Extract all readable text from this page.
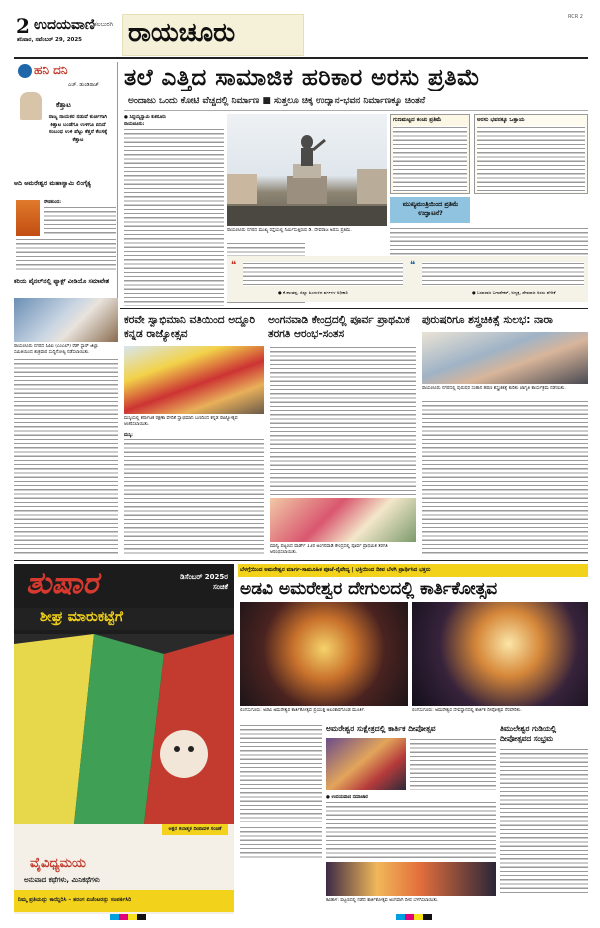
2 ಉದಯವಾಣಿ ಕಲಬುರಗಿ
ಶನಿವಾರ, ನವೆಂಬರ್ 29, 2025 ರಾಯಚೂರು
RCR 2
ಹನಿ ದನಿ
ಎಚ್. ಡುಂಡಿರಾಜ್
ಕೆತ್ತಾಟ
ರಾಜ್ಯ ನಾಯಕರ ನಡುವೆ ಕುರ್ಚಿಗಾಗಿ ಕಿತ್ತಾಟ ಬಂಡೆಗೂ ಉಳಿಗೂ ಏನಿದೆ ಸಂಬಂಧ ಉಳಿ ಪೆಟ್ಟು ಕೆತ್ತನೆ ಕೆಲಸಕ್ಕೆ ಕೆತ್ತಾಟ
ಆದಿ ಅಮರೇಶ್ವರ ಮಹಾಸ್ವಾಮಿ ಲಿಂಗೈಕ್ಯ
ರೌಡಕುಂದ:
ಕರಿಯ ಪೈನಲ್‌ನಲ್ಲಿ ಫ್ಯಾಕ್ಟ್ ವೀಡಿಯೊ ಸಮಾವೇಶ
ರಾಯಚೂರು ನಗರದ ಸಿಪಿಐ (ಎಂಎಲ್) ರೆಡ್ ಸ್ಟಾರ್ ಜಿಲ್ಲಾ ಸಮಿತಿಯಿಂದ ಶುಕ್ರವಾರ ಸುದ್ದಿಗೋಷ್ಠಿ ನಡೆಸಲಾಯಿತು.
ತಲೆ ಎತ್ತಿದ ಸಾಮಾಜಿಕ ಹರಿಕಾರ ಅರಸು ಪ್ರತಿಮೆ
ಅಂದಾಜು ಒಂದು ಕೋಟಿ ವೆಚ್ಚದಲ್ಲಿ ನಿರ್ಮಾಣ ■ ಸುತ್ತಲೂ ಚಿಕ್ಕ ಉದ್ಯಾನ-ಭವನ ನಿರ್ಮಾಣಕ್ಕೂ ಚಿಂತನೆ
● ಸಿದ್ದಯ್ಯಸ್ವಾಮಿ ಕುಕನೂರು
ರಾಯಚೂರು:
ರಾಯಚೂರು ನಗರದ ಮುಖ್ಯ ರಸ್ತೆಯಲ್ಲಿ ನಿರ್ಮಿಸುತ್ತಿರುವ ಡಿ. ದೇವರಾಜ ಅರಸು ಪ್ರತಿಮೆ.
ಗುಣಮಟ್ಟದ ಕಂಚು ಪ್ರತಿಮೆ
ಮುಖ್ಯಮಂತ್ರಿಯಿಂದ ಪ್ರತಿಮೆ ಉದ್ಘಾಟನೆ?
ಅರಸು ಭವನಕ್ಕೂ ಒತ್ತಾಯ
❝
● ಕೆ.ಶಾಂತಪ್ಪ, ಜಿಲ್ಲಾ ಹಿಂದುಳಿದ ವರ್ಗಗಳ ಅಧಿಕಾರಿ
❝
● ಬಸವರಾಜ ಬಗಾಡೇಕರ್, ಅಧ್ಯಕ್ಷ, ಡೇವರಾಜ ಅರಸು ವೇದಿಕೆ
ಕರವೇ ಸ್ವಾಭಿಮಾನಿ ವತಿಯಿಂದ ಅದ್ದೂರಿ ಕನ್ನಡ ರಾಜ್ಯೋತ್ಸವ
ಮಸ್ಕಿಯಲ್ಲಿ ಕರ್ನಾಟಕ ರಕ್ಷಣಾ ವೇದಿಕೆ ಸ್ವಾಭಿಮಾನಿ ಬಣದಿಂದ ಕನ್ನಡ ರಾಜ್ಯೋತ್ಸವ ಆಚರಿಸಲಾಯಿತು.
ಮಸ್ಕಿ:
ಅಂಗನವಾಡಿ ಕೇಂದ್ರದಲ್ಲಿ ಪೂರ್ವ ಪ್ರಾಥಮಿಕ ತರಗತಿ ಆರಂಭ-ಸಂತಸ
ಮಾನ್ವಿ ಪಟ್ಟಣದ ವಾರ್ಡ್ 13ರ ಅಂಗನವಾಡಿ ಕೇಂದ್ರದಲ್ಲಿ ಪೂರ್ವ ಪ್ರಾಥಮಿಕ ತರಗತಿ ಆರಂಭಿಸಲಾಯಿತು.
ಪುರುಷರಿಗೂ ಶಸ್ತ್ರಚಿಕಿತ್ಸೆ ಸುಲಭ: ನಾರಾ
ರಾಯಚೂರು ನಗರದಲ್ಲಿ ಪುರುಷರ ಸಂತಾನ ಹರಣ ಶಸ್ತ್ರಚಿಕಿತ್ಸೆ ಕುರಿತು ಜಾಗೃತಿ ಕಾರ್ಯಕ್ರಮ ನಡೆಯಿತು.
ತುಷಾರ	ಡಿಸೆಂಬರ್ 2025ರ ಸಂಚಿಕೆ
ಶೀಘ್ರ ಮಾರುಕಟ್ಟೆಗೆ
ಅಕ್ಷರ ಕಲಾತ್ಮಕ ದೀಪಾವಳಿ ಸಂಚಿಕೆ
ವೈವಿಧ್ಯಮಯ
ಅನುವಾದ ಕಥೆಗಳು, ಮಿನಿಕಥೆಗಳು
ನಿಮ್ಮ ಪ್ರತಿಯನ್ನು ಕಾಯ್ದಿರಿಸಿ – ತರಂಗ ಏಜೆಂಟರನ್ನು ಸಂಪರ್ಕಿಸಿರಿ
ಬೆಳಗ್ಗೆಯಿಂದ ಅಮರೇಶ್ವರ ಮಾರ್ಗ-ಸಾಮೂಹಿಕ ಪೂಜೆ-ನೈವೇದ್ಯ | ಭಕ್ತಿಯಿಂದ ದೀಪ ಬೆಳಗಿ ಪ್ರಾರ್ಥಿಸಿದ ಭಕ್ತರು
ಅಡವಿ ಅಮರೇಶ್ವರ ದೇಗುಲದಲ್ಲಿ ಕಾರ್ತಿಕೋತ್ಸವ
ಲಿಂಗಸುಗೂರು: ಅಡವಿ ಅಮರೇಶ್ವರ ಕಾರ್ತಿಕೋತ್ಸವ ಪ್ರಯುಕ್ತ ಅಲಂಕಾರಗೊಂಡ ಮೂರ್ತಿ.	ಲಿಂಗಸುಗೂರು: ಅಮರೇಶ್ವರ ದೇವಸ್ಥಾನದಲ್ಲಿ ಕಾರ್ತಿಕ ದೀಪೋತ್ಸವ ನೆರವೇರಿತು.
ಅಮರೇಶ್ವರ ಸುಕ್ಷೇತ್ರದಲ್ಲಿ ಕಾರ್ತಿಕ ದೀಪೋತ್ಸವ
● ಉದಯವಾಣಿ ಸಮಾಚಾರ
ತಿಮುಲೇಶ್ವರ ಗುಡಿಯಲ್ಲಿ ದೀಪೋತ್ಸವದ ಸಂಭ್ರಮ
ಕವಿತಾಳ: ಪಟ್ಟಣದಲ್ಲಿ ನಡೆದ ಕಾರ್ತಿಕೋತ್ಸವ ಅಂಗವಾಗಿ ದೀಪ ಬೆಳಗಿಸಲಾಯಿತು.
